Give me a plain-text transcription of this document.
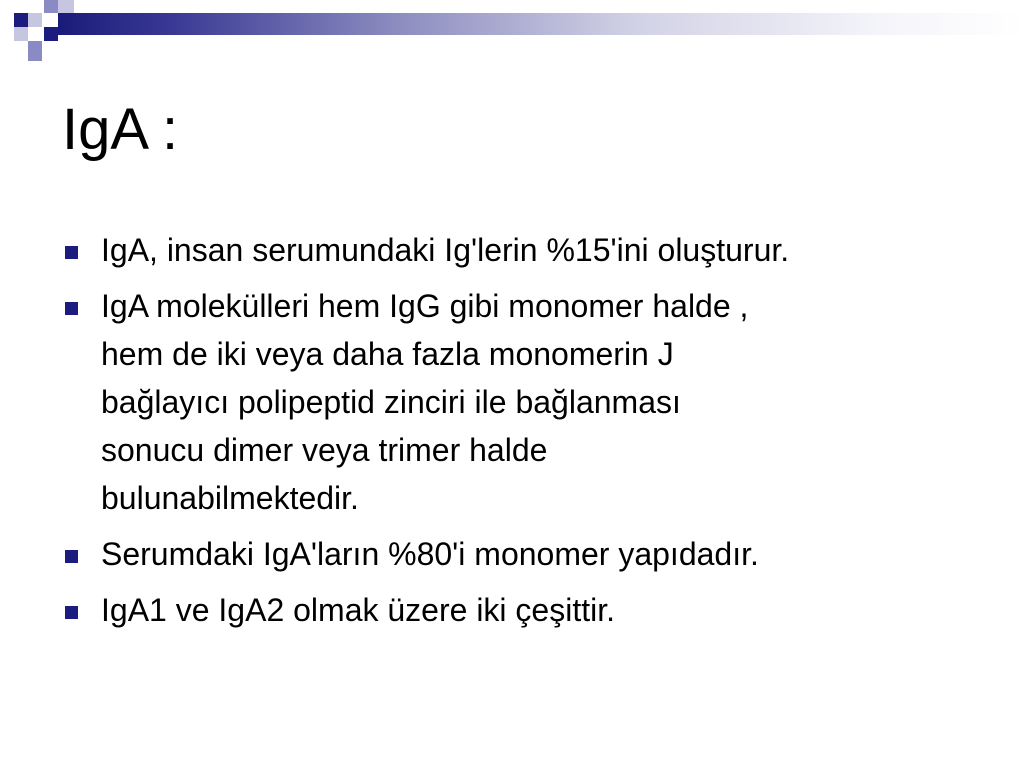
IgA :
IgA, insan serumundaki Ig'lerin %15'ini oluşturur.
IgA molekülleri hem IgG gibi monomer halde ,
hem de iki veya daha fazla monomerin J
bağlayıcı polipeptid zinciri ile bağlanması
sonucu dimer veya trimer halde
bulunabilmektedir.
Serumdaki IgA'ların %80'i monomer yapıdadır.
IgA1 ve IgA2 olmak üzere iki çeşittir.
